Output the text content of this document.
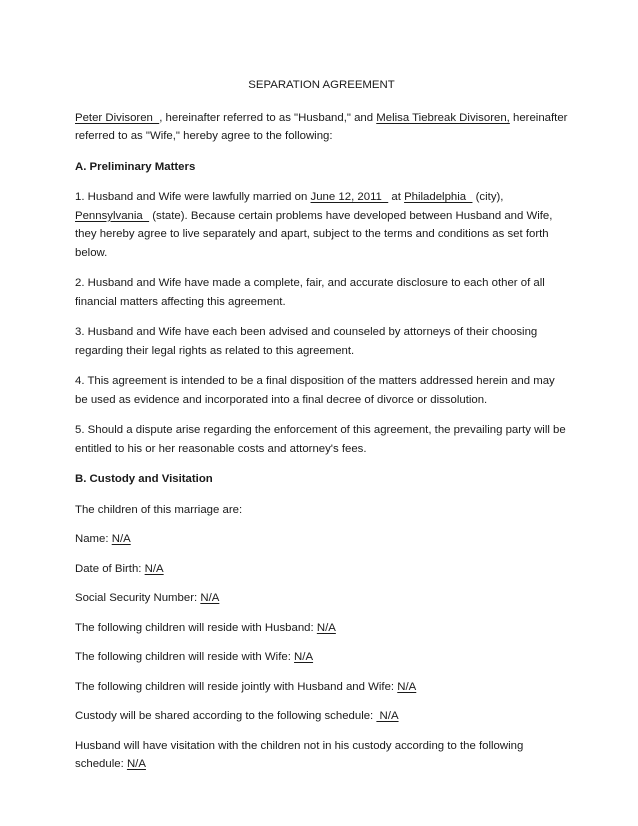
SEPARATION AGREEMENT

Peter Divisoren  , hereinafter referred to as "Husband," and Melisa Tiebreak Divisoren, hereinafter referred to as "Wife," hereby agree to the following:

A. Preliminary Matters

1. Husband and Wife were lawfully married on June 12, 2011   at Philadelphia   (city), Pennsylvania   (state). Because certain problems have developed between Husband and Wife, they hereby agree to live separately and apart, subject to the terms and conditions as set forth below.

2. Husband and Wife have made a complete, fair, and accurate disclosure to each other of all financial matters affecting this agreement.

3. Husband and Wife have each been advised and counseled by attorneys of their choosing regarding their legal rights as related to this agreement.

4. This agreement is intended to be a final disposition of the matters addressed herein and may be used as evidence and incorporated into a final decree of divorce or dissolution.

5. Should a dispute arise regarding the enforcement of this agreement, the prevailing party will be entitled to his or her reasonable costs and attorney's fees.

B. Custody and Visitation

The children of this marriage are:

Name: N/A

Date of Birth: N/A

Social Security Number: N/A

The following children will reside with Husband: N/A

The following children will reside with Wife: N/A

The following children will reside jointly with Husband and Wife: N/A

Custody will be shared according to the following schedule:  N/A

Husband will have visitation with the children not in his custody according to the following schedule: N/A
